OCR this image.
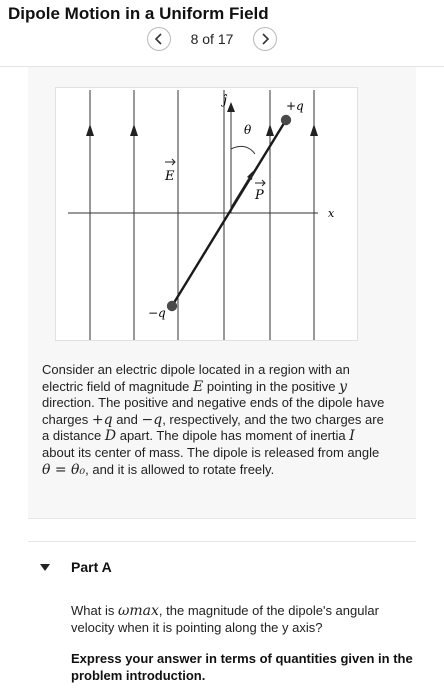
Dipole Motion in a Uniform Field
8 of 17
ĵ
θ
+q
E
P
x
−q
Consider an electric dipole located in a region with an electric field of magnitude E pointing in the positive y direction. The positive and negative ends of the dipole have charges +q and −q, respectively, and the two charges are a distance D apart. The dipole has moment of inertia I about its center of mass. The dipole is released from angle θ = θ₀, and it is allowed to rotate freely.
Part A
What is ωmax, the magnitude of the dipole's angular velocity when it is pointing along the y axis?
Express your answer in terms of quantities given in the problem introduction.
